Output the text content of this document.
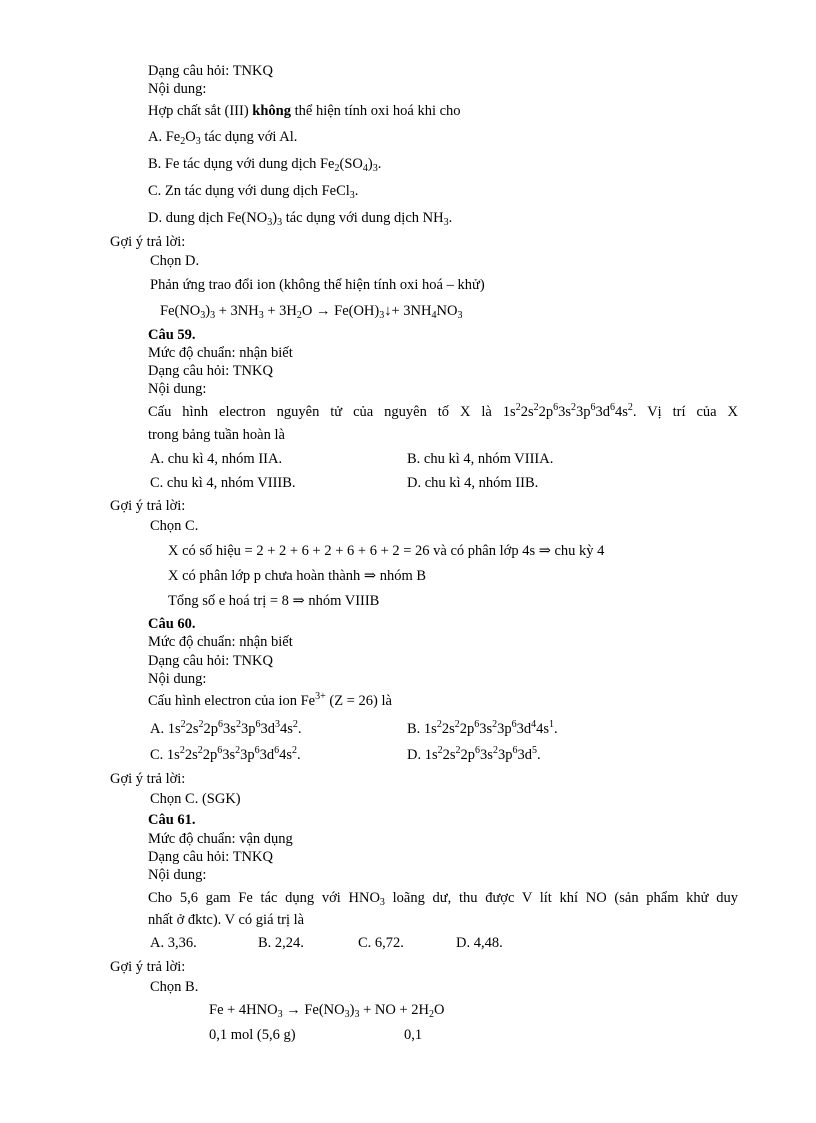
Dạng câu hỏi: TNKQ
Nội dung:
Hợp chất sắt (III) không thể hiện tính oxi hoá khi cho
A. $Fe_2O_3$ tác dụng với Al.
B. Fe tác dụng với dung dịch $Fe_2(SO_4)_3$.
C. Zn tác dụng với dung dịch FeCl$_3$.
D. dung dịch $Fe(NO_3)_3$ tác dụng với dung dịch $NH_3$.
Gợi ý trả lời:
Chọn D.
Phản ứng trao đổi ion (không thể hiện tính oxi hoá – khử)
$Fe(NO_3)_3 + 3NH_3 + 3H_2O$ → $Fe(OH)_3↓+ 3NH_4NO_3$
Câu 59.
Mức độ chuẩn: nhận biết
Dạng câu hỏi: TNKQ
Nội dung:
Cấu hình electron nguyên tử của nguyên tố X là $1s^22s^22p^63s^23p^63d^64s^2$. Vị trí của X
trong bảng tuần hoàn là
A. chu kì 4, nhóm IIA.	B. chu kì 4, nhóm VIIIA.
C. chu kì 4, nhóm VIIIB.	D. chu kì 4, nhóm IIB.
Gợi ý trả lời:
Chọn C.
X có số hiệu = 2 + 2 + 6 + 2 + 6 + 6 + 2 = 26 và có phân lớp 4s ⇒ chu kỳ 4
X có phân lớp p chưa hoàn thành ⇒ nhóm B
Tổng số e hoá trị = 8 ⇒ nhóm VIIIB
Câu 60.
Mức độ chuẩn: nhận biết
Dạng câu hỏi: TNKQ
Nội dung:
Cấu hình electron của ion $Fe^{3+}$ (Z = 26) là
A. $1s^22s^22p^63s^23p^63d^34s^2$.	B. $1s^22s^22p^63s^23p^63d^44s^1$.
C. $1s^22s^22p^63s^23p^63d^64s^2$.	D. $1s^22s^22p^63s^23p^63d^5$.
Gợi ý trả lời:
Chọn C. (SGK)
Câu 61.
Mức độ chuẩn: vận dụng
Dạng câu hỏi: TNKQ
Nội dung:
Cho 5,6 gam Fe tác dụng với $HNO_3$ loãng dư, thu được V lít khí NO (sản phẩm khử duy
nhất ở đktc). V có giá trị là
A. 3,36.	B. 2,24.	C. 6,72.	D. 4,48.
Gợi ý trả lời:
Chọn B.
$Fe + 4HNO_3 \to Fe(NO_3)_3$ + NO + $2H_2O$
0,1 mol (5,6 g)	0,1
